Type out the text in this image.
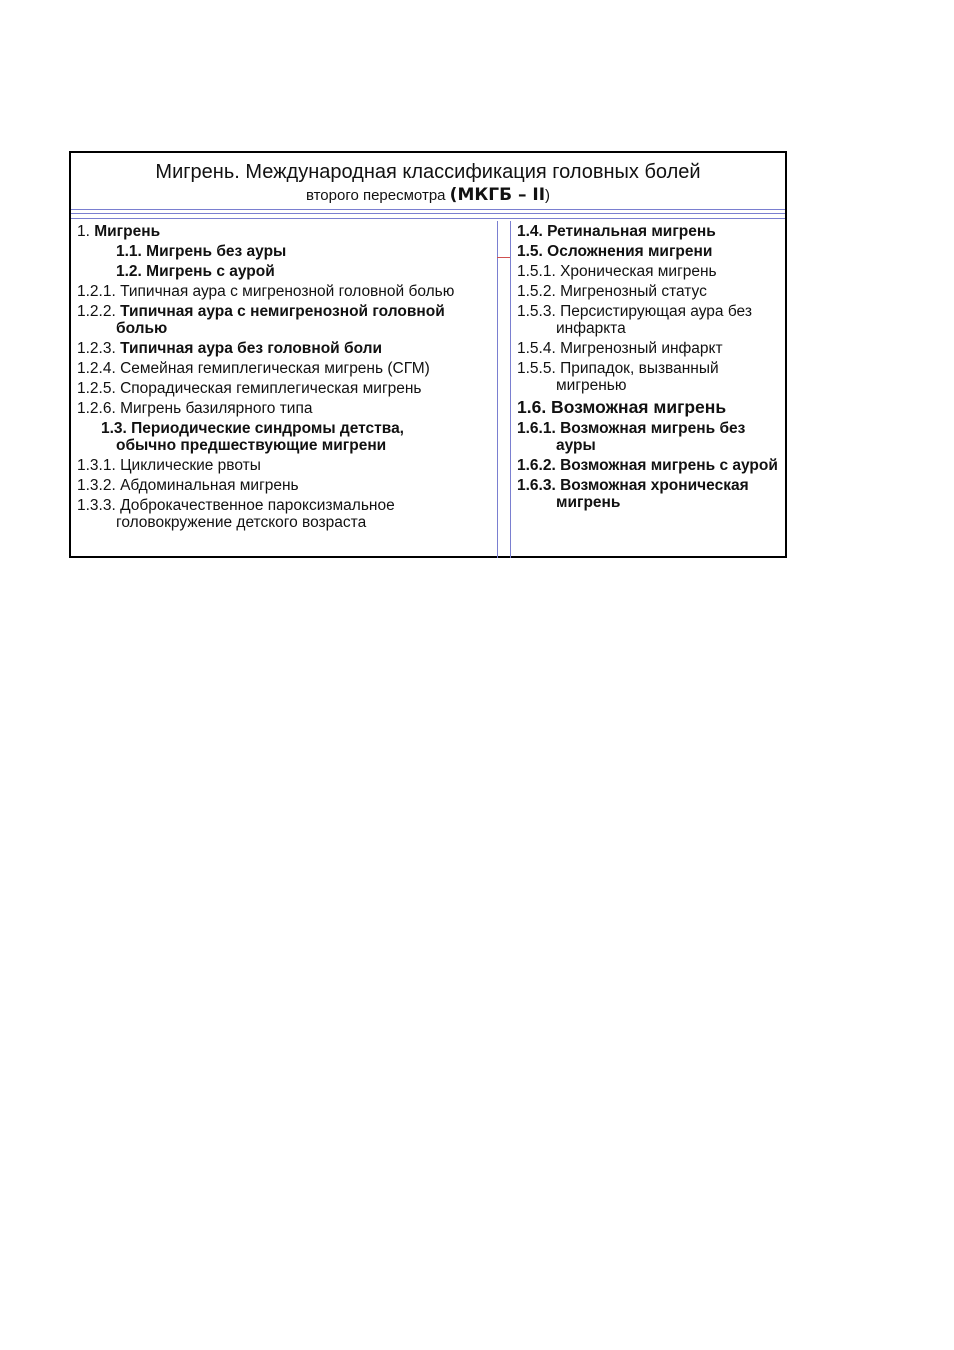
Мигрень. Международная классификация головных болей
второго пересмотра (МКГБ – II)
1. Мигрень
1.1. Мигрень без ауры
1.2. Мигрень с аурой
1.2.1. Типичная аура с мигренозной головной болью
1.2.2. Типичная аура с немигренозной головной болью
1.2.3. Типичная аура без головной боли
1.2.4. Семейная гемиплегическая мигрень (СГМ)
1.2.5. Спорадическая гемиплегическая мигрень
1.2.6. Мигрень базилярного типа
1.3. Периодические синдромы детства,
обычно предшествующие мигрени
1.3.1. Циклические рвоты
1.3.2. Абдоминальная мигрень
1.3.3. Доброкачественное пароксизмальное головокружение детского возраста
1.4. Ретинальная мигрень
1.5. Осложнения мигрени
1.5.1. Хроническая мигрень
1.5.2. Мигренозный статус
1.5.3. Персистирующая аура без инфаркта
1.5.4. Мигренозный инфаркт
1.5.5. Припадок, вызванный мигренью
1.6. Возможная мигрень
1.6.1. Возможная мигрень без ауры
1.6.2. Возможная мигрень с аурой
1.6.3. Возможная хроническая мигрень
